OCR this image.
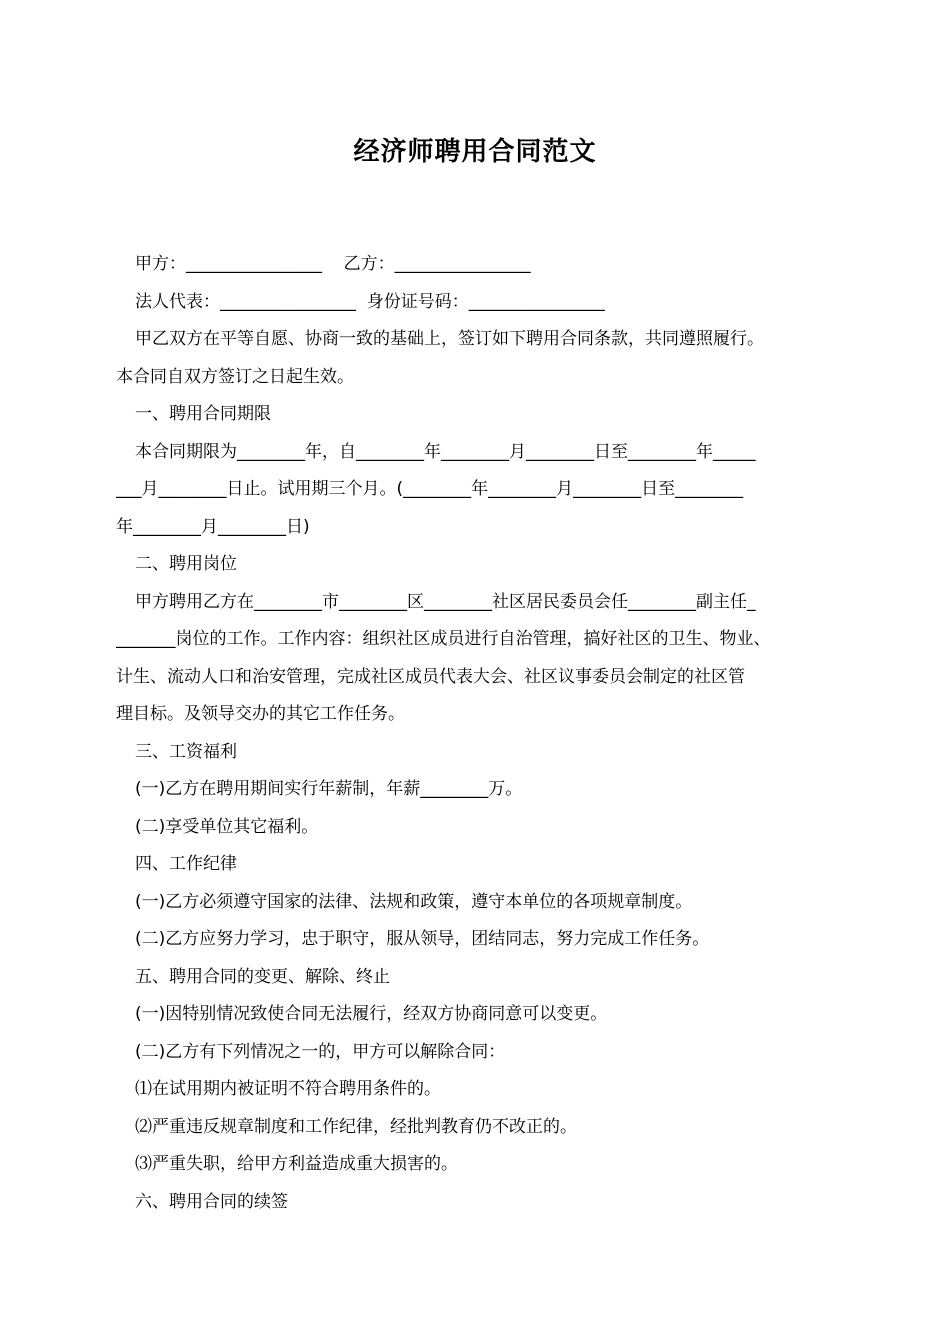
经济师聘用合同范文
甲方：________________    乙方：________________
法人代表：________________  身份证号码：________________
甲乙双方在平等自愿、协商一致的基础上，签订如下聘用合同条款，共同遵照履行。
本合同自双方签订之日起生效。
一、聘用合同期限
本合同期限为________年，自________年________月________日至________年_____
___月________日止。试用期三个月。(________年________月________日至________
年________月________日)
二、聘用岗位
甲方聘用乙方在________市________区________社区居民委员会任________副主任_
_______岗位的工作。工作内容：组织社区成员进行自治管理，搞好社区的卫生、物业、
计生、流动人口和治安管理，完成社区成员代表大会、社区议事委员会制定的社区管
理目标。及领导交办的其它工作任务。
三、工资福利
(一)乙方在聘用期间实行年薪制，年薪________万。
(二)享受单位其它福利。
四、工作纪律
(一)乙方必须遵守国家的法律、法规和政策，遵守本单位的各项规章制度。
(二)乙方应努力学习，忠于职守，服从领导，团结同志，努力完成工作任务。
五、聘用合同的变更、解除、终止
(一)因特别情况致使合同无法履行，经双方协商同意可以变更。
(二)乙方有下列情况之一的，甲方可以解除合同：
⑴在试用期内被证明不符合聘用条件的。
⑵严重违反规章制度和工作纪律，经批判教育仍不改正的。
⑶严重失职，给甲方利益造成重大损害的。
六、聘用合同的续签
